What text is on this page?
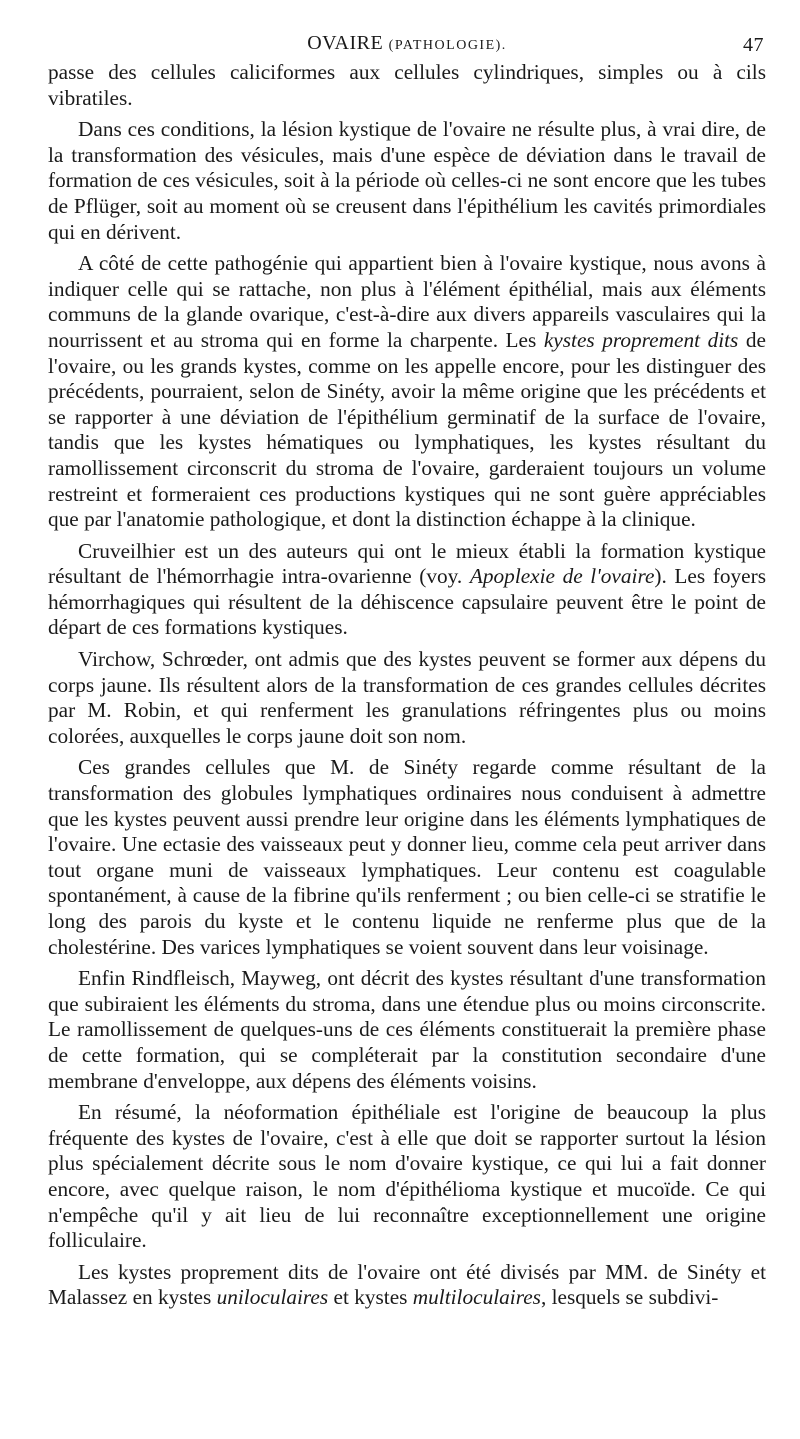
OVAIRE (PATHOLOGIE).	47

passe des cellules caliciformes aux cellules cylindriques, simples ou à cils vibratiles.

Dans ces conditions, la lésion kystique de l'ovaire ne résulte plus, à vrai dire, de la transformation des vésicules, mais d'une espèce de déviation dans le travail de formation de ces vésicules, soit à la période où celles-ci ne sont encore que les tubes de Pflüger, soit au moment où se creusent dans l'épithélium les cavités primordiales qui en dérivent.

A côté de cette pathogénie qui appartient bien à l'ovaire kystique, nous avons à indiquer celle qui se rattache, non plus à l'élément épithélial, mais aux éléments communs de la glande ovarique, c'est-à-dire aux divers appareils vasculaires qui la nourrissent et au stroma qui en forme la charpente. Les kystes proprement dits de l'ovaire, ou les grands kystes, comme on les appelle encore, pour les distinguer des précédents, pourraient, selon de Sinéty, avoir la même origine que les précédents et se rapporter à une déviation de l'épithélium germinatif de la surface de l'ovaire, tandis que les kystes hématiques ou lymphatiques, les kystes résultant du ramollissement circonscrit du stroma de l'ovaire, garderaient toujours un volume restreint et formeraient ces productions kystiques qui ne sont guère appréciables que par l'anatomie pathologique, et dont la distinction échappe à la clinique.

Cruveilhier est un des auteurs qui ont le mieux établi la formation kystique résultant de l'hémorrhagie intra-ovarienne (voy. Apoplexie de l'ovaire). Les foyers hémorrhagiques qui résultent de la déhiscence capsulaire peuvent être le point de départ de ces formations kystiques.

Virchow, Schrœder, ont admis que des kystes peuvent se former aux dépens du corps jaune. Ils résultent alors de la transformation de ces grandes cellules décrites par M. Robin, et qui renferment les granulations réfringentes plus ou moins colorées, auxquelles le corps jaune doit son nom.

Ces grandes cellules que M. de Sinéty regarde comme résultant de la transformation des globules lymphatiques ordinaires nous conduisent à admettre que les kystes peuvent aussi prendre leur origine dans les éléments lymphatiques de l'ovaire. Une ectasie des vaisseaux peut y donner lieu, comme cela peut arriver dans tout organe muni de vaisseaux lymphatiques. Leur contenu est coagulable spontanément, à cause de la fibrine qu'ils renferment ; ou bien celle-ci se stratifie le long des parois du kyste et le contenu liquide ne renferme plus que de la cholestérine. Des varices lymphatiques se voient souvent dans leur voisinage.

Enfin Rindfleisch, Mayweg, ont décrit des kystes résultant d'une transformation que subiraient les éléments du stroma, dans une étendue plus ou moins circonscrite. Le ramollissement de quelques-uns de ces éléments constituerait la première phase de cette formation, qui se compléterait par la constitution secondaire d'une membrane d'enveloppe, aux dépens des éléments voisins.

En résumé, la néoformation épithéliale est l'origine de beaucoup la plus fréquente des kystes de l'ovaire, c'est à elle que doit se rapporter surtout la lésion plus spécialement décrite sous le nom d'ovaire kystique, ce qui lui a fait donner encore, avec quelque raison, le nom d'épithélioma kystique et mucoïde. Ce qui n'empêche qu'il y ait lieu de lui reconnaître exceptionnellement une origine folliculaire.

Les kystes proprement dits de l'ovaire ont été divisés par MM. de Sinéty et Malassez en kystes uniloculaires et kystes multiloculaires, lesquels se subdivi-
